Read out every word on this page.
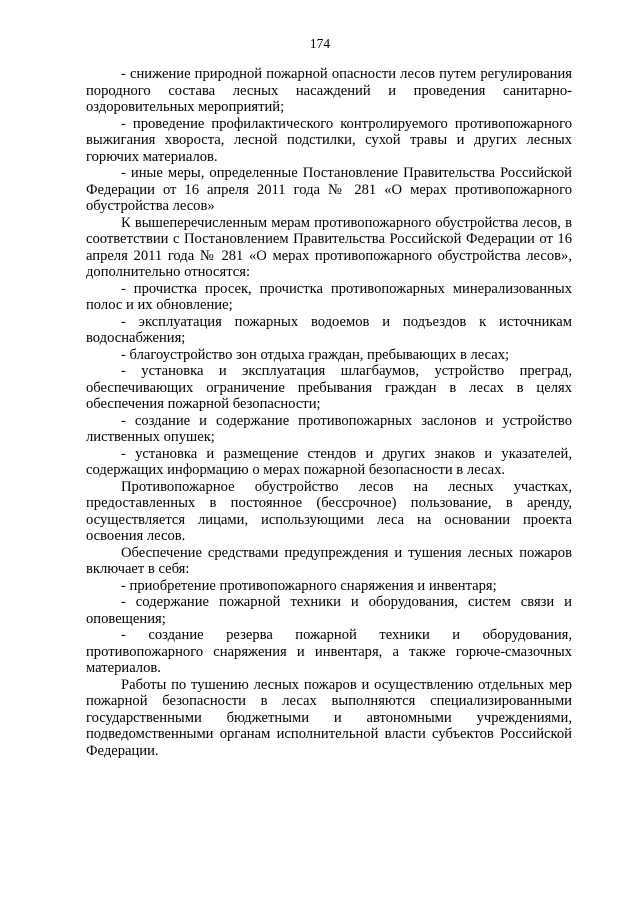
174

- снижение природной пожарной опасности лесов путем регулирования породного состава лесных насаждений и проведения санитарно-оздоровительных мероприятий;

- проведение профилактического контролируемого противопожарного выжигания хвороста, лесной подстилки, сухой травы и других лесных горючих материалов.

- иные меры, определенные Постановление Правительства Российской Федерации от 16 апреля 2011 года № 281 «О мерах противопожарного обустройства лесов»

К вышеперечисленным мерам противопожарного обустройства лесов, в соответствии с Постановлением Правительства Российской Федерации от 16 апреля 2011 года № 281 «О мерах противопожарного обустройства лесов», дополнительно относятся:

- прочистка просек, прочистка противопожарных минерализованных полос и их обновление;

- эксплуатация пожарных водоемов и подъездов к источникам водоснабжения;

- благоустройство зон отдыха граждан, пребывающих в лесах;

- установка и эксплуатация шлагбаумов, устройство преград, обеспечивающих ограничение пребывания граждан в лесах в целях обеспечения пожарной безопасности;

- создание и содержание противопожарных заслонов и устройство лиственных опушек;

- установка и размещение стендов и других знаков и указателей, содержащих информацию о мерах пожарной безопасности в лесах.

Противопожарное обустройство лесов на лесных участках, предоставленных в постоянное (бессрочное) пользование, в аренду, осуществляется лицами, использующими леса на основании проекта освоения лесов.

Обеспечение средствами предупреждения и тушения лесных пожаров включает в себя:

- приобретение противопожарного снаряжения и инвентаря;

- содержание пожарной техники и оборудования, систем связи и оповещения;

- создание резерва пожарной техники и оборудования, противопожарного снаряжения и инвентаря, а также горюче-смазочных материалов.

Работы по тушению лесных пожаров и осуществлению отдельных мер пожарной безопасности в лесах выполняются специализированными государственными бюджетными и автономными учреждениями, подведомственными органам исполнительной власти субъектов Российской Федерации.
